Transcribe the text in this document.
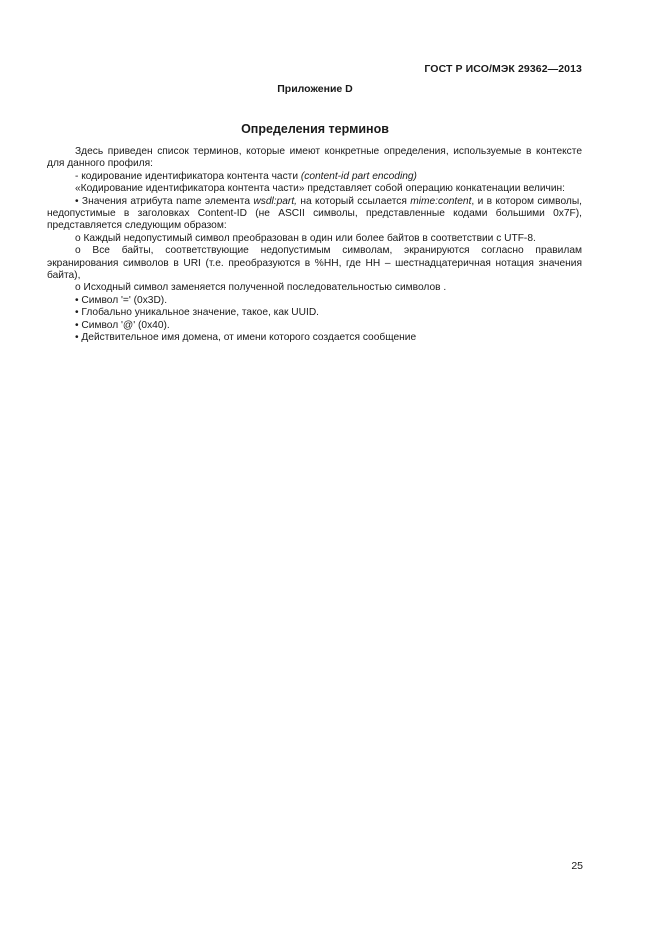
ГОСТ Р ИСО/МЭК 29362—2013
Приложение D
Определения терминов

Здесь приведен список терминов, которые имеют конкретные определения, используемые в контексте для данного профиля:

- кодирование идентификатора контента части (content-id part encoding)

«Кодирование идентификатора контента части» представляет собой операцию конкатенации величин:

• Значения атрибута name элемента wsdl:part, на который ссылается mime:content, и в котором символы, недопустимые в заголовках Content-ID (не ASCII символы, представленные кодами большими 0x7F), представляется следующим образом:

о Каждый недопустимый символ преобразован в один или более байтов в соответствии с UTF-8.

о Все байты, соответствующие недопустимым символам, экранируются согласно правилам экранирования символов в URI (т.е. преобразуются в %HH, где HH – шестнадцатеричная нотация значения байта),

о Исходный символ заменяется полученной последовательностью символов .

• Символ '=' (0x3D).

• Глобально уникальное значение, такое, как UUID.

• Символ '@' (0x40).

• Действительное имя домена, от имени которого создается сообщение

25
